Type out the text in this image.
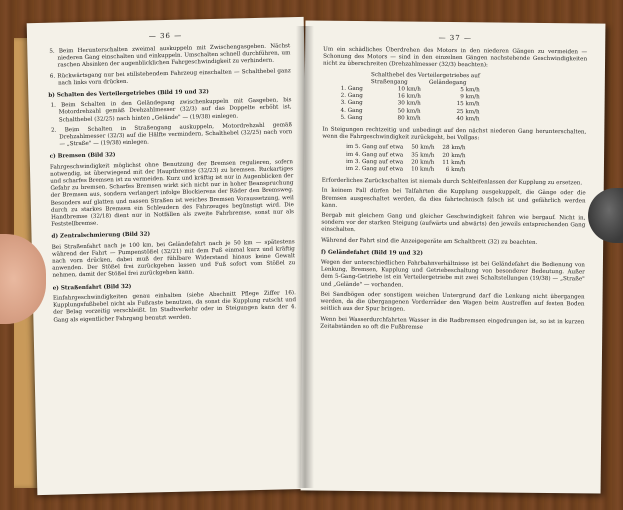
— 36 —

5. Beim Herunterschalten zweimal auskuppeln mit Zwischengasgeben. Nächst niederen Gang einschalten und einkuppeln. Umschalten schnell durchführen, um raschen Absinken der augenblicklichen Fahrgeschwindigkeit zu verhindern.

6. Rückwärtsgang nur bei stillstehendem Fahrzeug einschalten — Schalthebel ganz nach links vorn drücken.

b) Schalten des Verteilergetriebes (Bild 19 und 32)

1. Beim Schalten in den Geländegang zwischenkuppeln mit Gasgeben, bis Motordrehzahl gemäß Drehzahlmesser (32/3) auf das Doppelte erhöht ist, Schalthebel (32/25) nach hinten „Gelände" — (19/38) einlegen.

2. Beim Schalten in Straßengang auskuppeln, Motordrehzahl gemäß Drehzahlmesser (32/3) auf die Hälfte vermindern, Schalthebel (32/25) nach vorn — „Straße" — (19/38) einlegen.

c) Bremsen (Bild 32)

Fahrgeschwindigkeit möglichst ohne Benutzung der Bremsen regulieren, sofern notwendig, ist überwiegend mit der Hauptbremse (32/23) zu bremsen. Ruckartiges und scharfes Bremsen ist zu vermeiden. Kurz und kräftig ist nur in Augenblicken der Gefahr zu bremsen. Scharfes Bremsen wirkt sich nicht nur in hoher Beanspruchung der Bremsen aus, sondern verlangert infolge Blockierens der Räder den Bremsweg. Besonders auf glatten und nassen Straßen ist weiches Bremsen Voraussetzung, weil durch zu starkes Bremsen ein Schleudern des Fahrzeuges begünstigt wird. Die Handbremse (32/18) dient nur in Notfällen als zweite Fahrbremse, sonst nur als Feststellbremse.

d) Zentralschmierung (Bild 32)

Bei Straßenfahrt nach je 100 km, bei Geländefahrt nach je 50 km — spätestens während der Fahrt — Pumpenstößel (32/21) mit dem Fuß einmal kurz und kräftig nach vorn drücken, dabei muß der fühlbare Widerstand hinaus keine Gewalt anwenden. Der Stößel frei zurückgehen lassen und Fuß sofort vom Stößel zu nehmen, damit der Stößel frei zurückgehen kann.

e) Straßenfahrt (Bild 32)

Einfahrgeschwindigkeiten genau einhalten (siehe Abschnitt Pflege Ziffer 16). Kupplungsfußhebel nicht als Fußraste benutzen, da sonst die Kupplung rutscht und der Belag vorzeitig verschleißt. Im Stadtverkehr oder in Steigungen kann der 4. Gang als eigentlicher Fahrgang benutzt werden.

— 37 —

Um ein schädliches Überdrehen des Motors in den niederen Gängen zu vermeiden — Schonung des Motors — sind in den einzelnen Gängen nachstehende Geschwindigkeiten nicht zu überschreiten (Drehzahlmesser (32/3) beachten):

	Schalthebel des Verteilergetriebes auf	
	Straßengang	Geländegang
1. Gang	10 km/h	5 km/h
2. Gang	16 km/h	9 km/h
3. Gang	30 km/h	15 km/h
4. Gang	50 km/h	25 km/h
5. Gang	80 km/h	40 km/h

In Steigungen rechtzeitig und unbedingt auf den nächst niederen Gang herunterschalten, wenn die Fahrgeschwindigkeit zurückgeht, bei Vollgas:

im 5. Gang auf etwa	50 km/h	28 km/h
im 4. Gang auf etwa	35 km/h	20 km/h
im 3. Gang auf etwa	20 km/h	11 km/h
im 2. Gang auf etwa	10 km/h	6 km/h

Erforderliches Zurückschalten ist niemals durch Schleifenlassen der Kupplung zu ersetzen.

In keinem Fall dürfen bei Talfahrten die Kupplung ausgekuppelt, die Gänge oder die Bremsen ausgeschaltet werden, da dies fahrtechnisch falsch ist und gefährlich werden kann.

Bergab mit gleichem Gang und gleicher Geschwindigkeit fahren wie bergauf. Nicht in, sondern vor der starken Steigung (aufwärts und abwärts) den jeweils entsprechenden Gang einschalten.

Während der Fahrt sind die Anzeigegeräte am Schaltbrett (32) zu beachten.

f) Geländefahrt (Bild 19 und 32)

Wegen der unterschiedlichen Fahrbahnverhältnisse ist bei Geländefahrt die Bedienung von Lenkung, Bremsen, Kupplung und Getriebeschaltung von besonderer Bedeutung. Außer dem 5-Gang-Getriebe ist ein Verteilergetriebe mit zwei Schaltstellungen (19/38) — „Straße" und „Gelände" — vorhanden.

Bei Sandbögen oder sonstigem weichen Untergrund darf die Lenkung nicht übergangen werden, da die übergangenen Vorderräder den Wagen beim Austreffen auf festen Boden seitlich aus der Spur bringen.

Wenn bei Wasserdurchfahrten Wasser in die Radbremsen eingedrungen ist, so ist in kurzen Zeitabständen so oft die Fußbremse
